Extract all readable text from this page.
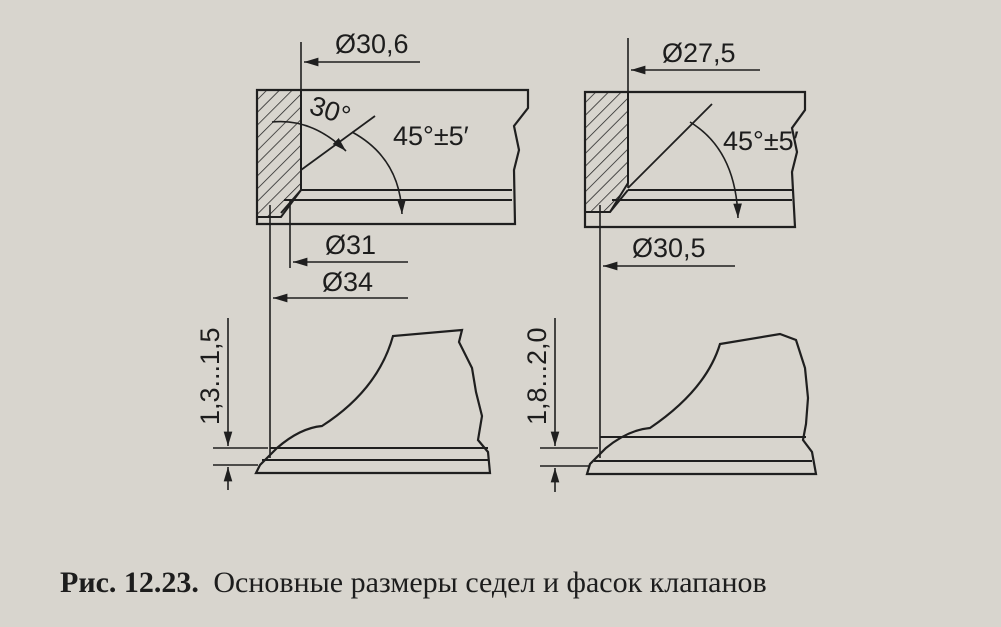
Ø30,6
30°
45°±5′
Ø31
Ø34
1,3...1,5
Ø27,5
45°±5′
Ø30,5
1,8...2,0
Рис. 12.23. Основные размеры седел и фасок клапанов
